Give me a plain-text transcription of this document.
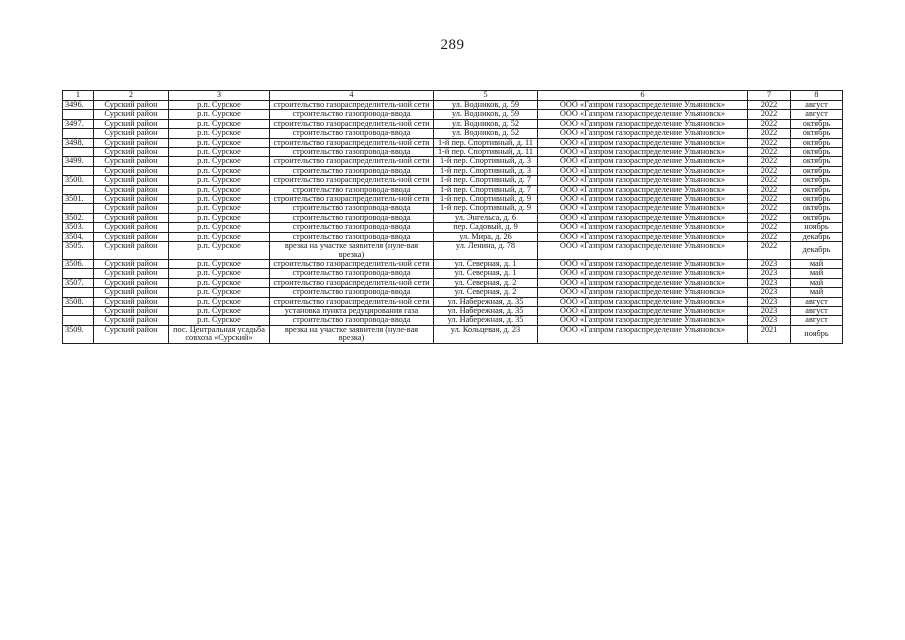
289
1	2	3	4	5	6	7	8
3496.	Сурский район	р.п. Сурское	строительство газораспределитель-ной сети	ул. Водников, д. 59	ООО «Газпром газораспределение Ульяновск»	2022	август
	Сурский район	р.п. Сурское	строительство газопровода-ввода	ул. Водников, д. 59	ООО «Газпром газораспределение Ульяновск»	2022	август
3497.	Сурский район	р.п. Сурское	строительство газораспределитель-ной сети	ул. Водников, д. 52	ООО «Газпром газораспределение Ульяновск»	2022	октябрь
	Сурский район	р.п. Сурское	строительство газопровода-ввода	ул. Водников, д. 52	ООО «Газпром газораспределение Ульяновск»	2022	октябрь
3498.	Сурский район	р.п. Сурское	строительство газораспределитель-ной сети	1-й пер. Спортивный, д. 11	ООО «Газпром газораспределение Ульяновск»	2022	октябрь
	Сурский район	р.п. Сурское	строительство газопровода-ввода	1-й пер. Спортивный, д. 11	ООО «Газпром газораспределение Ульяновск»	2022	октябрь
3499.	Сурский район	р.п. Сурское	строительство газораспределитель-ной сети	1-й пер. Спортивный, д. 3	ООО «Газпром газораспределение Ульяновск»	2022	октябрь
	Сурский район	р.п. Сурское	строительство газопровода-ввода	1-й пер. Спортивный, д. 3	ООО «Газпром газораспределение Ульяновск»	2022	октябрь
3500.	Сурский район	р.п. Сурское	строительство газораспределитель-ной сети	1-й пер. Спортивный, д. 7	ООО «Газпром газораспределение Ульяновск»	2022	октябрь
	Сурский район	р.п. Сурское	строительство газопровода-ввода	1-й пер. Спортивный, д. 7	ООО «Газпром газораспределение Ульяновск»	2022	октябрь
3501.	Сурский район	р.п. Сурское	строительство газораспределитель-ной сети	1-й пер. Спортивный, д. 9	ООО «Газпром газораспределение Ульяновск»	2022	октябрь
	Сурский район	р.п. Сурское	строительство газопровода-ввода	1-й пер. Спортивный, д. 9	ООО «Газпром газораспределение Ульяновск»	2022	октябрь
3502.	Сурский район	р.п. Сурское	строительство газопровода-ввода	ул. Энгельса, д. 6	ООО «Газпром газораспределение Ульяновск»	2022	октябрь
3503.	Сурский район	р.п. Сурское	строительство газопровода-ввода	пер. Садовый, д. 9	ООО «Газпром газораспределение Ульяновск»	2022	ноябрь
3504.	Сурский район	р.п. Сурское	строительство газопровода-ввода	ул. Мира, д. 26	ООО «Газпром газораспределение Ульяновск»	2022	декабрь
3505.	Сурский район	р.п. Сурское	врезка на участке заявителя (нуле-вая врезка)	ул. Ленина, д. 78	ООО «Газпром газораспределение Ульяновск»	2022	декабрь
3506.	Сурский район	р.п. Сурское	строительство газораспределитель-ной сети	ул. Северная, д. 1	ООО «Газпром газораспределение Ульяновск»	2023	май
	Сурский район	р.п. Сурское	строительство газопровода-ввода	ул. Северная, д. 1	ООО «Газпром газораспределение Ульяновск»	2023	май
3507.	Сурский район	р.п. Сурское	строительство газораспределитель-ной сети	ул. Северная, д. 2	ООО «Газпром газораспределение Ульяновск»	2023	май
	Сурский район	р.п. Сурское	строительство газопровода-ввода	ул. Северная, д. 2	ООО «Газпром газораспределение Ульяновск»	2023	май
3508.	Сурский район	р.п. Сурское	строительство газораспределитель-ной сети	ул. Набережная, д. 35	ООО «Газпром газораспределение Ульяновск»	2023	август
	Сурский район	р.п. Сурское	установка пункта редуцирования газа	ул. Набережная, д. 35	ООО «Газпром газораспределение Ульяновск»	2023	август
	Сурский район	р.п. Сурское	строительство газопровода-ввода	ул. Набережная, д. 35	ООО «Газпром газораспределение Ульяновск»	2023	август
3509.	Сурский район	пос. Центральная усадьба совхоза «Сурский»	врезка на участке заявителя (нуле-вая врезка)	ул. Кольцевая, д. 23	ООО «Газпром газораспределение Ульяновск»	2021	ноябрь
